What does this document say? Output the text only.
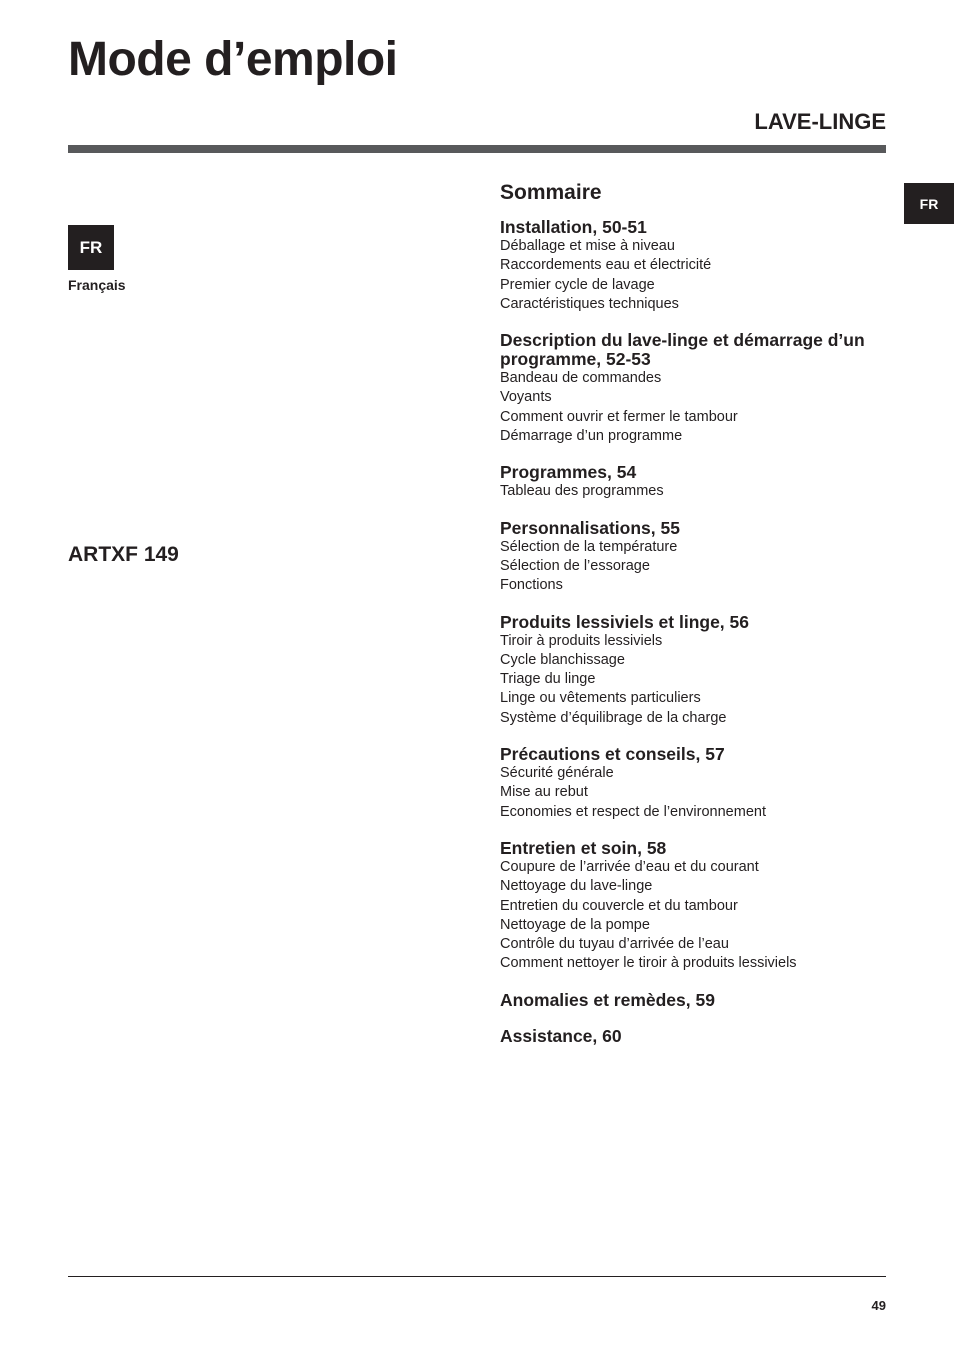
Mode d’emploi
LAVE-LINGE
FR
FR
Français
ARTXF 149
Sommaire
Installation, 50-51
Déballage et mise à niveau
Raccordements eau et électricité
Premier cycle de lavage
Caractéristiques techniques
Description du lave-linge et démarrage d’un programme, 52-53
Bandeau de commandes
Voyants
Comment ouvrir et fermer le tambour
Démarrage d’un programme
Programmes, 54
Tableau des programmes
Personnalisations, 55
Sélection de la température
Sélection de l’essorage
Fonctions
Produits lessiviels et linge, 56
Tiroir à produits lessiviels
Cycle blanchissage
Triage du linge
Linge ou vêtements particuliers
Système d’équilibrage de la charge
Précautions et conseils, 57
Sécurité générale
Mise au rebut
Economies et respect de l’environnement
Entretien et soin, 58
Coupure de l’arrivée d’eau et du courant
Nettoyage du lave-linge
Entretien du couvercle et du tambour
Nettoyage de la pompe
Contrôle du tuyau d’arrivée de l’eau
Comment nettoyer le tiroir à produits lessiviels
Anomalies et remèdes, 59
Assistance, 60
49
